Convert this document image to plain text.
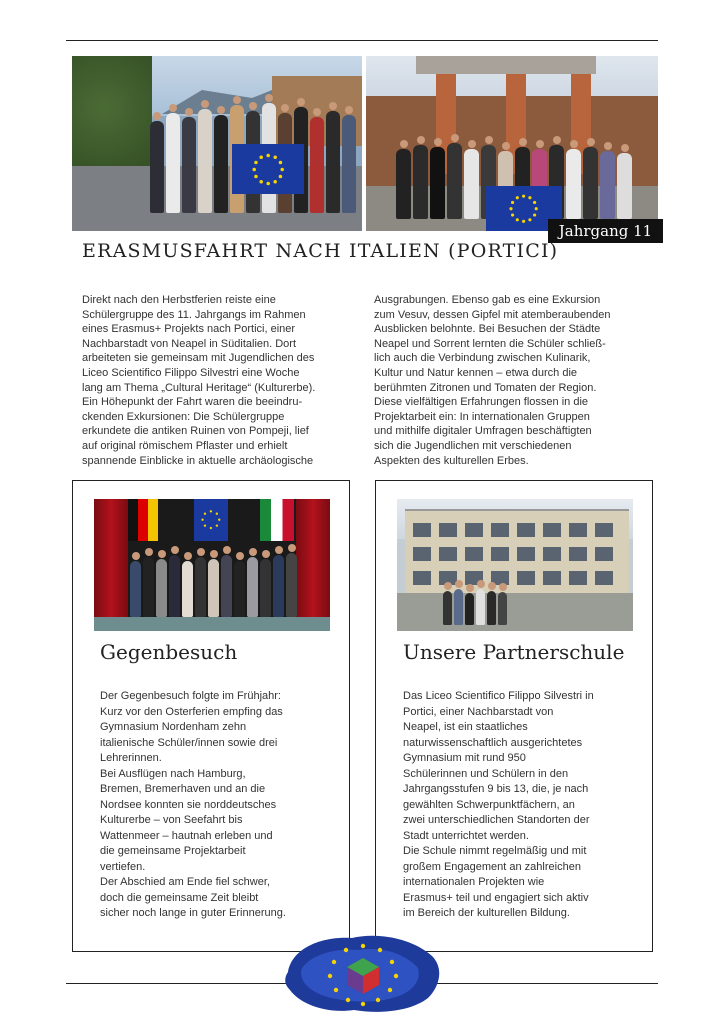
Jahrgang 11
ERASMUSFAHRT NACH ITALIEN (PORTICI)

Direkt nach den Herbstferien reiste eine

Schülergruppe des 11. Jahrgangs im Rahmen

eines Erasmus+ Projekts nach Portici, einer

Nachbarstadt von Neapel in Süditalien. Dort

arbeiteten sie gemeinsam mit Jugendlichen des

Liceo Scientifico Filippo Silvestri eine Woche

lang am Thema „Cultural Heritage“ (Kulturerbe).

Ein Höhepunkt der Fahrt waren die beeindru-

ckenden Exkursionen: Die Schülergruppe

erkundete die antiken Ruinen von Pompeji, lief

auf original römischem Pflaster und erhielt

spannende Einblicke in aktuelle archäologische

Ausgrabungen. Ebenso gab es eine Exkursion

zum Vesuv, dessen Gipfel mit atemberaubenden

Ausblicken belohnte. Bei Besuchen der Städte

Neapel und Sorrent lernten die Schüler schließ-

lich auch die Verbindung zwischen Kulinarik,

Kultur und Natur kennen – etwa durch die

berühmten Zitronen und Tomaten der Region.

Diese vielfältigen Erfahrungen flossen in die

Projektarbeit ein: In internationalen Gruppen

und mithilfe digitaler Umfragen beschäftigten

sich die Jugendlichen mit verschiedenen

Aspekten des kulturellen Erbes.

Gegenbesuch

Der Gegenbesuch folgte im Frühjahr:

Kurz vor den Osterferien empfing das

Gymnasium Nordenham zehn

italienische Schüler/innen sowie drei

Lehrerinnen.

Bei Ausflügen nach Hamburg,

Bremen, Bremerhaven und an die

Nordsee konnten sie norddeutsches

Kulturerbe – von Seefahrt bis

Wattenmeer – hautnah erleben und

die gemeinsame Projektarbeit

vertiefen.

Der Abschied am Ende fiel schwer,

doch die gemeinsame Zeit bleibt

sicher noch lange in guter Erinnerung.

Unsere Partnerschule

Das Liceo Scientifico Filippo Silvestri in

Portici, einer Nachbarstadt von

Neapel, ist ein staatliches

naturwissenschaftlich ausgerichtetes

Gymnasium mit rund 950

Schülerinnen und Schülern in den

Jahrgangsstufen 9 bis 13, die, je nach

gewählten Schwerpunktfächern, an

zwei unterschiedlichen Standorten der

Stadt unterrichtet werden.

Die Schule nimmt regelmäßig und mit

großem Engagement an zahlreichen

internationalen Projekten wie

Erasmus+ teil und engagiert sich aktiv

im Bereich der kulturellen Bildung.
